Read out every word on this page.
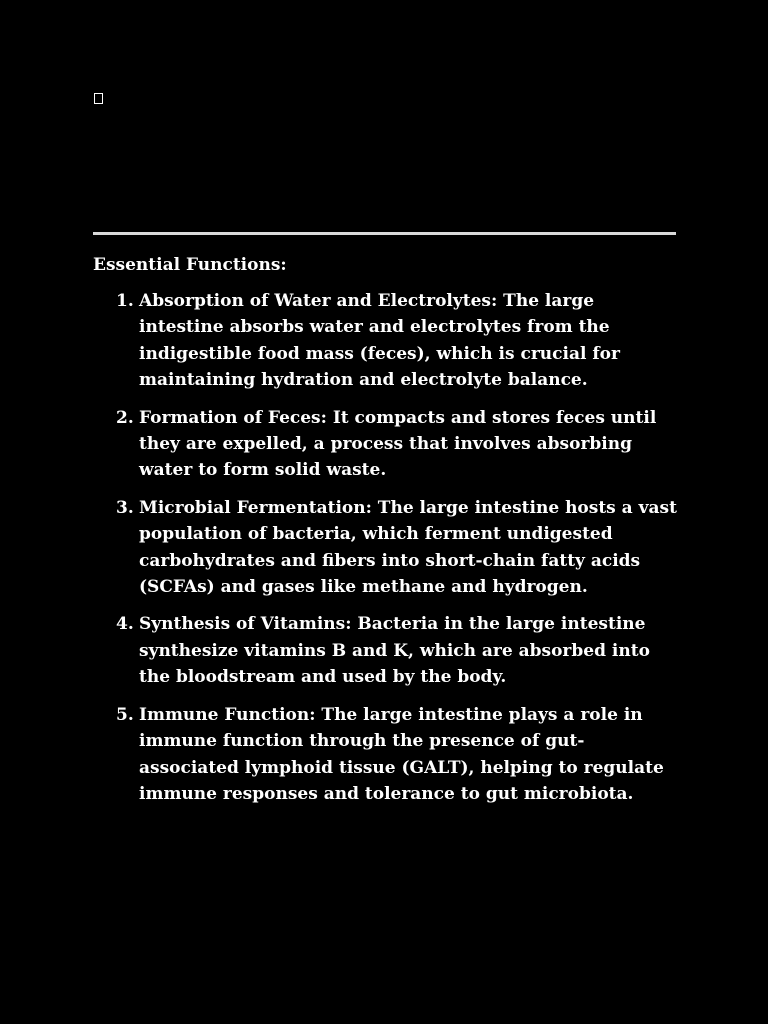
Essential Functions:

1. Absorption of Water and Electrolytes: The large intestine absorbs water and electrolytes from the indigestible food mass (feces), which is crucial for maintaining hydration and electrolyte balance.
2. Formation of Feces: It compacts and stores feces until they are expelled, a process that involves absorbing water to form solid waste.
3. Microbial Fermentation: The large intestine hosts a vast population of bacteria, which ferment undigested carbohydrates and fibers into short-chain fatty acids (SCFAs) and gases like methane and hydrogen.
4. Synthesis of Vitamins: Bacteria in the large intestine synthesize vitamins B and K, which are absorbed into the bloodstream and used by the body.
5. Immune Function: The large intestine plays a role in immune function through the presence of gut-associated lymphoid tissue (GALT), helping to regulate immune responses and tolerance to gut microbiota.
